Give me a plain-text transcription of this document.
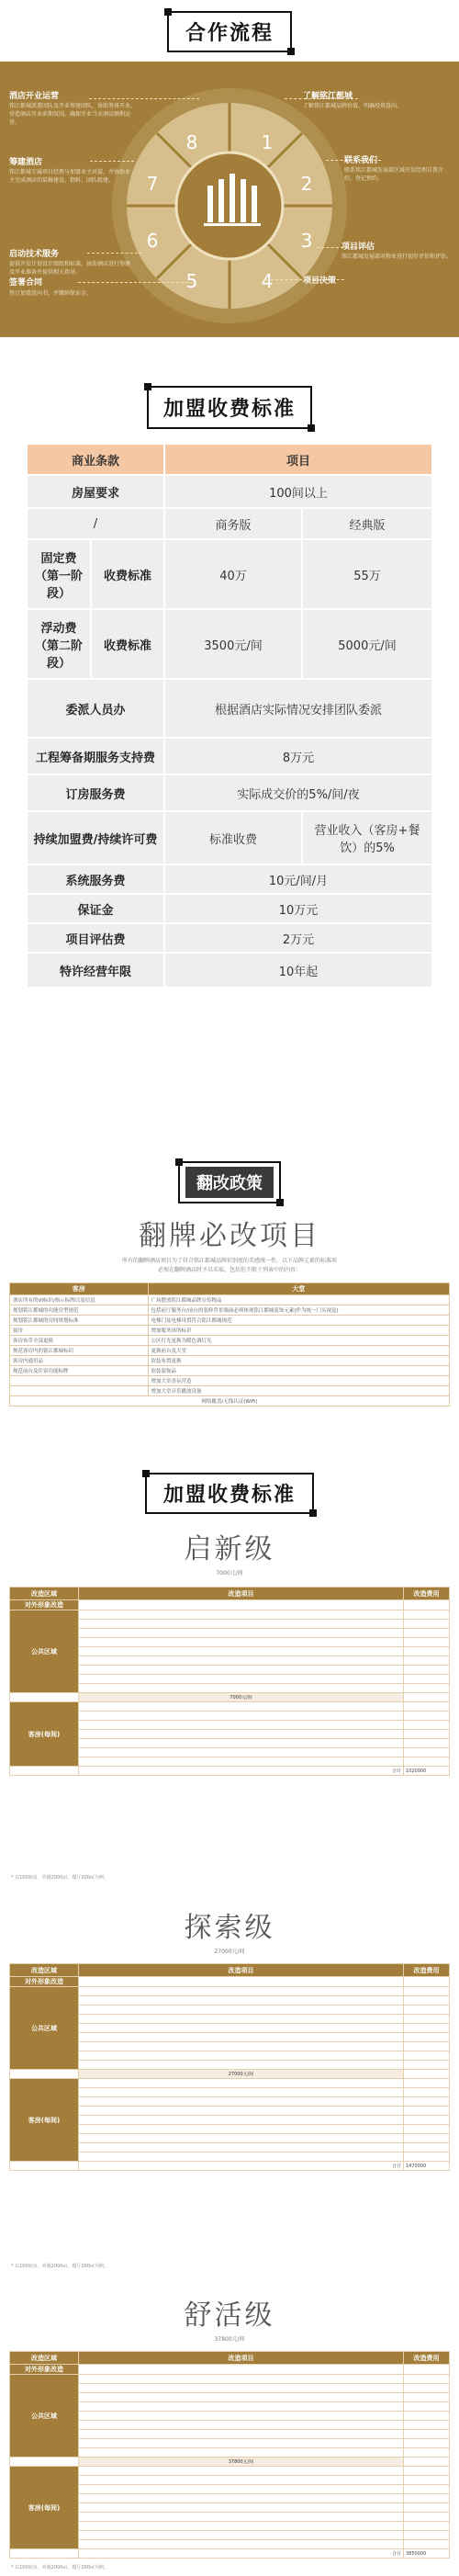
合作流程
1
2
3
4
5
6
7
8
酒店开业运营
铭江都城派遣团队及开业筹建团队，协助筹备开业，营造酒店开业前期氛围，确保开业当天酒店顺利运营。
筹建酒店
铭江都城专属项目经理与加盟业主对接，并协助业主完成酒店的装修建设、物料、团队组建。
启动技术服务
提供开发计划设计图纸和标准，协助酒店进行筹建及开业准备并提供相关指导。
签署合同
签订加盟意向书，并缴纳保证金。
了解铭江都城
了解铭江都城品牌价值、明确投资意向。
联系我们
联系铭江都城发展部区域开发经理自我介绍，登记预约。
项目评估
铭江都城发展部对物业进行初步评估和评估。
项目决策
加盟收费标准
商业条款		项目	
房屋要求		100间以上	
/		商务版	经典版
固定费（第一阶段）	收费标准	40万	55万
浮动费（第二阶段）	收费标准	3500元/间	5000元/间
委派人员办		根据酒店实际情况安排团队委派	
工程筹备期服务支持费		8万元	
订房服务费		实际成交价的5%/间/夜	
持续加盟费/持续许可费		标准收费	营业收入（客房+餐饮）的5%
系统服务费		10元/间/月	
保证金		10万元	
项目评估费		2万元	
特许经营年限		10年起	
翻改政策
翻牌必改项目
所有的翻牌酒店项目为了符合铭江都城品牌识别度的美感统一性，以下品牌元素的标准项
必须在翻牌酒店时予以采取，包括但不限于列表中的内容：
客房	大堂
酒店所有的VI标识/指示标牌以及信息	广场摆放铭江都城品牌宣传物品
规划铭江都城的功能房型规范	包括前厅服务台/前台的装修背景墙面必须体现铭江都城装饰元素(作为统一门头视觉)
规划铭江都城的房间规划标准	电梯门及电梯设置符合铭江都城规范
窗帘	增加服务场所标识
客房布草全部更换	公区灯光更换为暖色调灯光
规范客房内的铭江都城标识	更换前台及大堂
客房内通用品	软装布置更换
规范前台及住宿功能标牌	软装装饰品
	增加大堂香氛营造
	增加大堂音乐播放设备
网络覆盖/无线认证(WiFi)	
加盟收费标准
启新级
7000元/间
改造区域	改造项目	改造费用
对外形象改造		
公共区域		

	7000元/间	
客房(每间)		

	合计	1020000
* 以100间房，外墙2000㎡，餐厅200㎡为例。
探索级
27000元/间
改造区域	改造项目	改造费用
对外形象改造		
公共区域		

	27000元/间	
客房(每间)		

	合计	1470000
* 以100间房，外墙2000㎡，餐厅200㎡为例。
舒活级
37800元/间
改造区域	改造项目	改造费用
对外形象改造		
公共区域		

	37800元/间	
客房(每间)		

	合计	3850000
* 以100间房，外墙2000㎡，餐厅200㎡为例。
